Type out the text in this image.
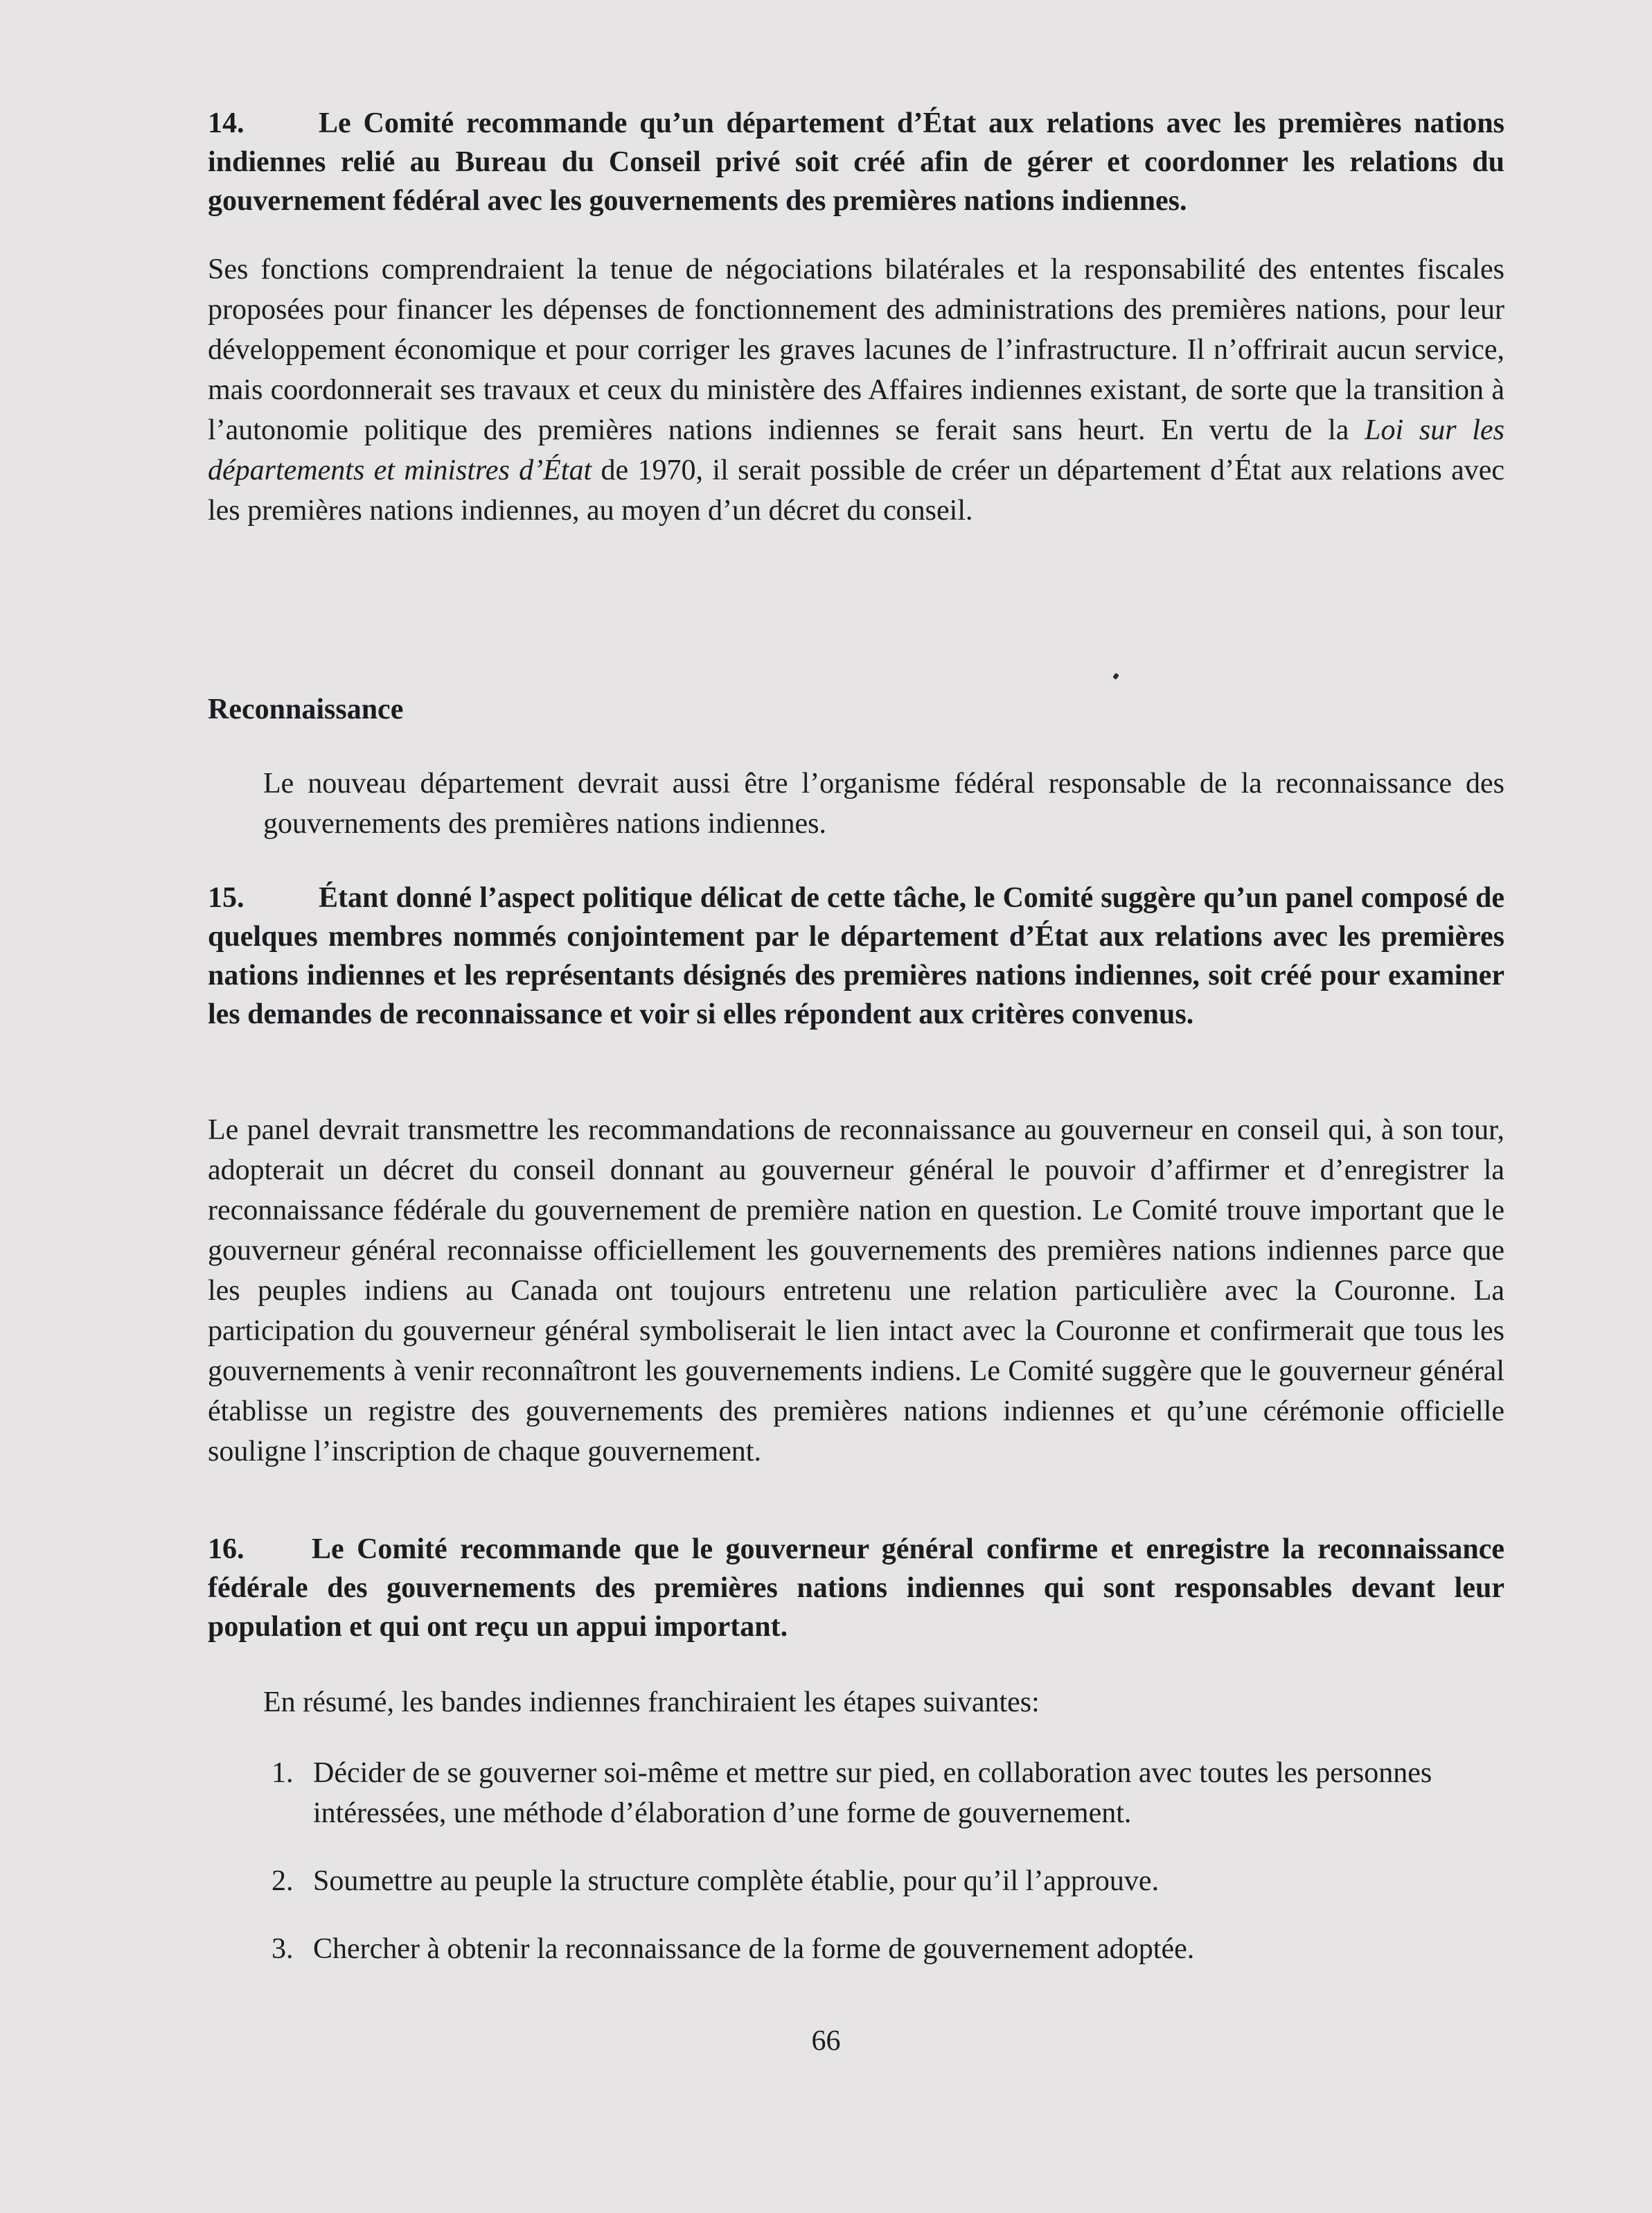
14.	Le Comité recommande qu’un département d’État aux relations avec les premières nations indiennes relié au Bureau du Conseil privé soit créé afin de gérer et coordonner les relations du gouvernement fédéral avec les gouvernements des premières nations indiennes.
Ses fonctions comprendraient la tenue de négociations bilatérales et la responsabilité des ententes fiscales proposées pour financer les dépenses de fonctionnement des administrations des premières nations, pour leur développement économique et pour corriger les graves lacunes de l’infrastructure. Il n’offrirait aucun service, mais coordonnerait ses travaux et ceux du ministère des Affaires indiennes existant, de sorte que la transition à l’autonomie politique des premières nations indiennes se ferait sans heurt. En vertu de la Loi sur les départements et ministres d’État de 1970, il serait possible de créer un département d’État aux relations avec les premières nations indiennes, au moyen d’un décret du conseil.
Reconnaissance
Le nouveau département devrait aussi être l’organisme fédéral responsable de la reconnaissance des gouvernements des premières nations indiennes.
15.	Étant donné l’aspect politique délicat de cette tâche, le Comité suggère qu’un panel composé de quelques membres nommés conjointement par le département d’État aux relations avec les premières nations indiennes et les représentants désignés des premières nations indiennes, soit créé pour examiner les demandes de reconnaissance et voir si elles répondent aux critères convenus.
Le panel devrait transmettre les recommandations de reconnaissance au gouverneur en conseil qui, à son tour, adopterait un décret du conseil donnant au gouverneur général le pouvoir d’affirmer et d’enregistrer la reconnaissance fédérale du gouvernement de première nation en question. Le Comité trouve important que le gouverneur général reconnaisse officiellement les gouvernements des premières nations indiennes parce que les peuples indiens au Canada ont toujours entretenu une relation particulière avec la Couronne. La participation du gouverneur général symboliserait le lien intact avec la Couronne et confirmerait que tous les gouvernements à venir reconnaîtront les gouvernements indiens. Le Comité suggère que le gouverneur général établisse un registre des gouvernements des premières nations indiennes et qu’une cérémonie officielle souligne l’inscription de chaque gouvernement.
16. Le Comité recommande que le gouverneur général confirme et enregistre la reconnaissance fédérale des gouvernements des premières nations indiennes qui sont responsables devant leur population et qui ont reçu un appui important.
En résumé, les bandes indiennes franchiraient les étapes suivantes:
1. Décider de se gouverner soi-même et mettre sur pied, en collaboration avec toutes les personnes intéressées, une méthode d’élaboration d’une forme de gouvernement.
2. Soumettre au peuple la structure complète établie, pour qu’il l’approuve.
3. Chercher à obtenir la reconnaissance de la forme de gouvernement adoptée.
66
